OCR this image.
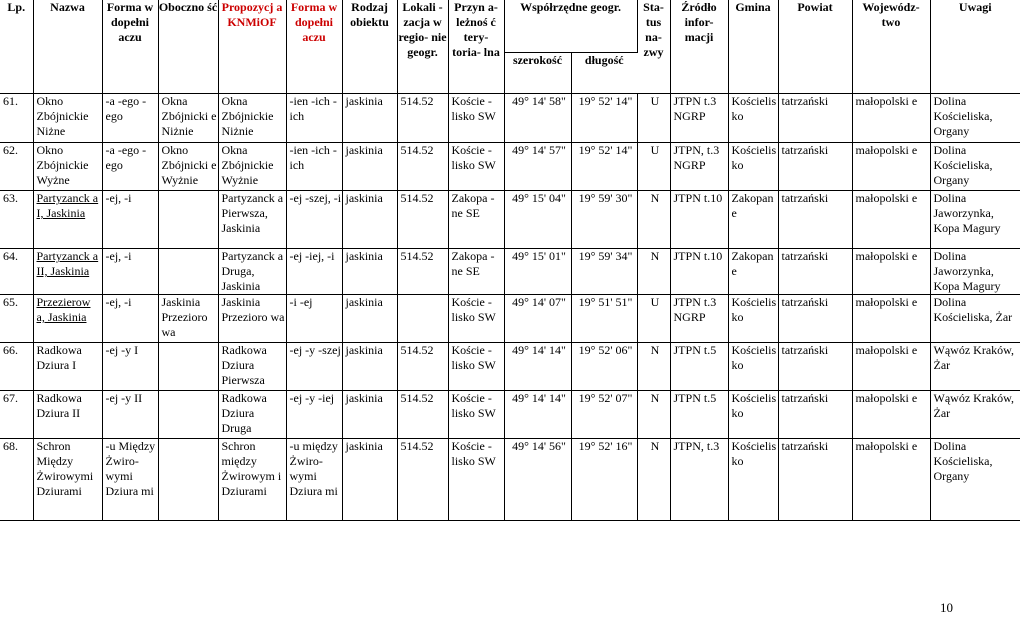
Lp.	Nazwa	Forma w dopełni aczu	Oboczno ść	Propozycj a KNMiOF	Forma w dopełni aczu	Rodzaj obiektu	Lokali - zacja w regio- nie geogr.	Przyn a- leżnoś ć tery- toria- lna	Współrzędne geogr.		Sta- tus na- zwy	Źródło infor- macji	Gmina	Powiat	Wojewódz- two	Uwagi
									szerokość	długość						
61.	Okno Zbójnickie Niżne	-a -ego -ego	Okna Zbójnicki e Niżnie	Okna Zbójnickie Niżnie	-ien -ich -ich	jaskinia	514.52	Koście -lisko SW	49° 14' 58"	19° 52' 14"	U	JTPN t.3 NGRP	Kościelis ko	tatrzański	małopolski e	Dolina Kościeliska, Organy
62.	Okno Zbójnickie Wyżne	-a -ego -ego	Okno Zbójnicki e Wyżnie	Okna Zbójnickie Wyżnie	-ien -ich -ich	jaskinia	514.52	Koście -lisko SW	49° 14' 57"	19° 52' 14"	U	JTPN, t.3 NGRP	Kościelis ko	tatrzański	małopolski e	Dolina Kościeliska, Organy
63.	Partyzanck a I, Jaskinia	-ej, -i		Partyzanck a Pierwsza, Jaskinia	-ej -szej, -i	jaskinia	514.52	Zakopa -ne SE	49° 15' 04"	19° 59' 30"	N	JTPN t.10	Zakopan e	tatrzański	małopolski e	Dolina Jaworzynka, Kopa Magury
64.	Partyzanck a II, Jaskinia	-ej, -i		Partyzanck a Druga, Jaskinia	-ej -iej, -i	jaskinia	514.52	Zakopa -ne SE	49° 15' 01"	19° 59' 34"	N	JTPN t.10	Zakopan e	tatrzański	małopolski e	Dolina Jaworzynka, Kopa Magury
65.	Przezierow a, Jaskinia	-ej, -i	Jaskinia Przezioro wa	Jaskinia Przezioro wa	-i -ej	jaskinia		Koście -lisko SW	49° 14' 07"	19° 51' 51"	U	JTPN t.3 NGRP	Kościelis ko	tatrzański	małopolski e	Dolina Kościeliska, Żar
66.	Radkowa Dziura I	-ej -y I		Radkowa Dziura Pierwsza	-ej -y -szej	jaskinia	514.52	Koście -lisko SW	49° 14' 14"	19° 52' 06"	N	JTPN t.5	Kościelis ko	tatrzański	małopolski e	Wąwóz Kraków, Żar
67.	Radkowa Dziura II	-ej -y II		Radkowa Dziura Druga	-ej -y -iej	jaskinia	514.52	Koście -lisko SW	49° 14' 14"	19° 52' 07"	N	JTPN t.5	Kościelis ko	tatrzański	małopolski e	Wąwóz Kraków, Żar
68.	Schron Między Żwirowymi Dziurami	-u Między Żwiro- wymi Dziura mi		Schron między Żwirowym i Dziurami	-u między Żwiro- wymi Dziura mi	jaskinia	514.52	Koście -lisko SW	49° 14' 56"	19° 52' 16"	N	JTPN, t.3	Kościelis ko	tatrzański	małopolski e	Dolina Kościeliska, Organy
10
